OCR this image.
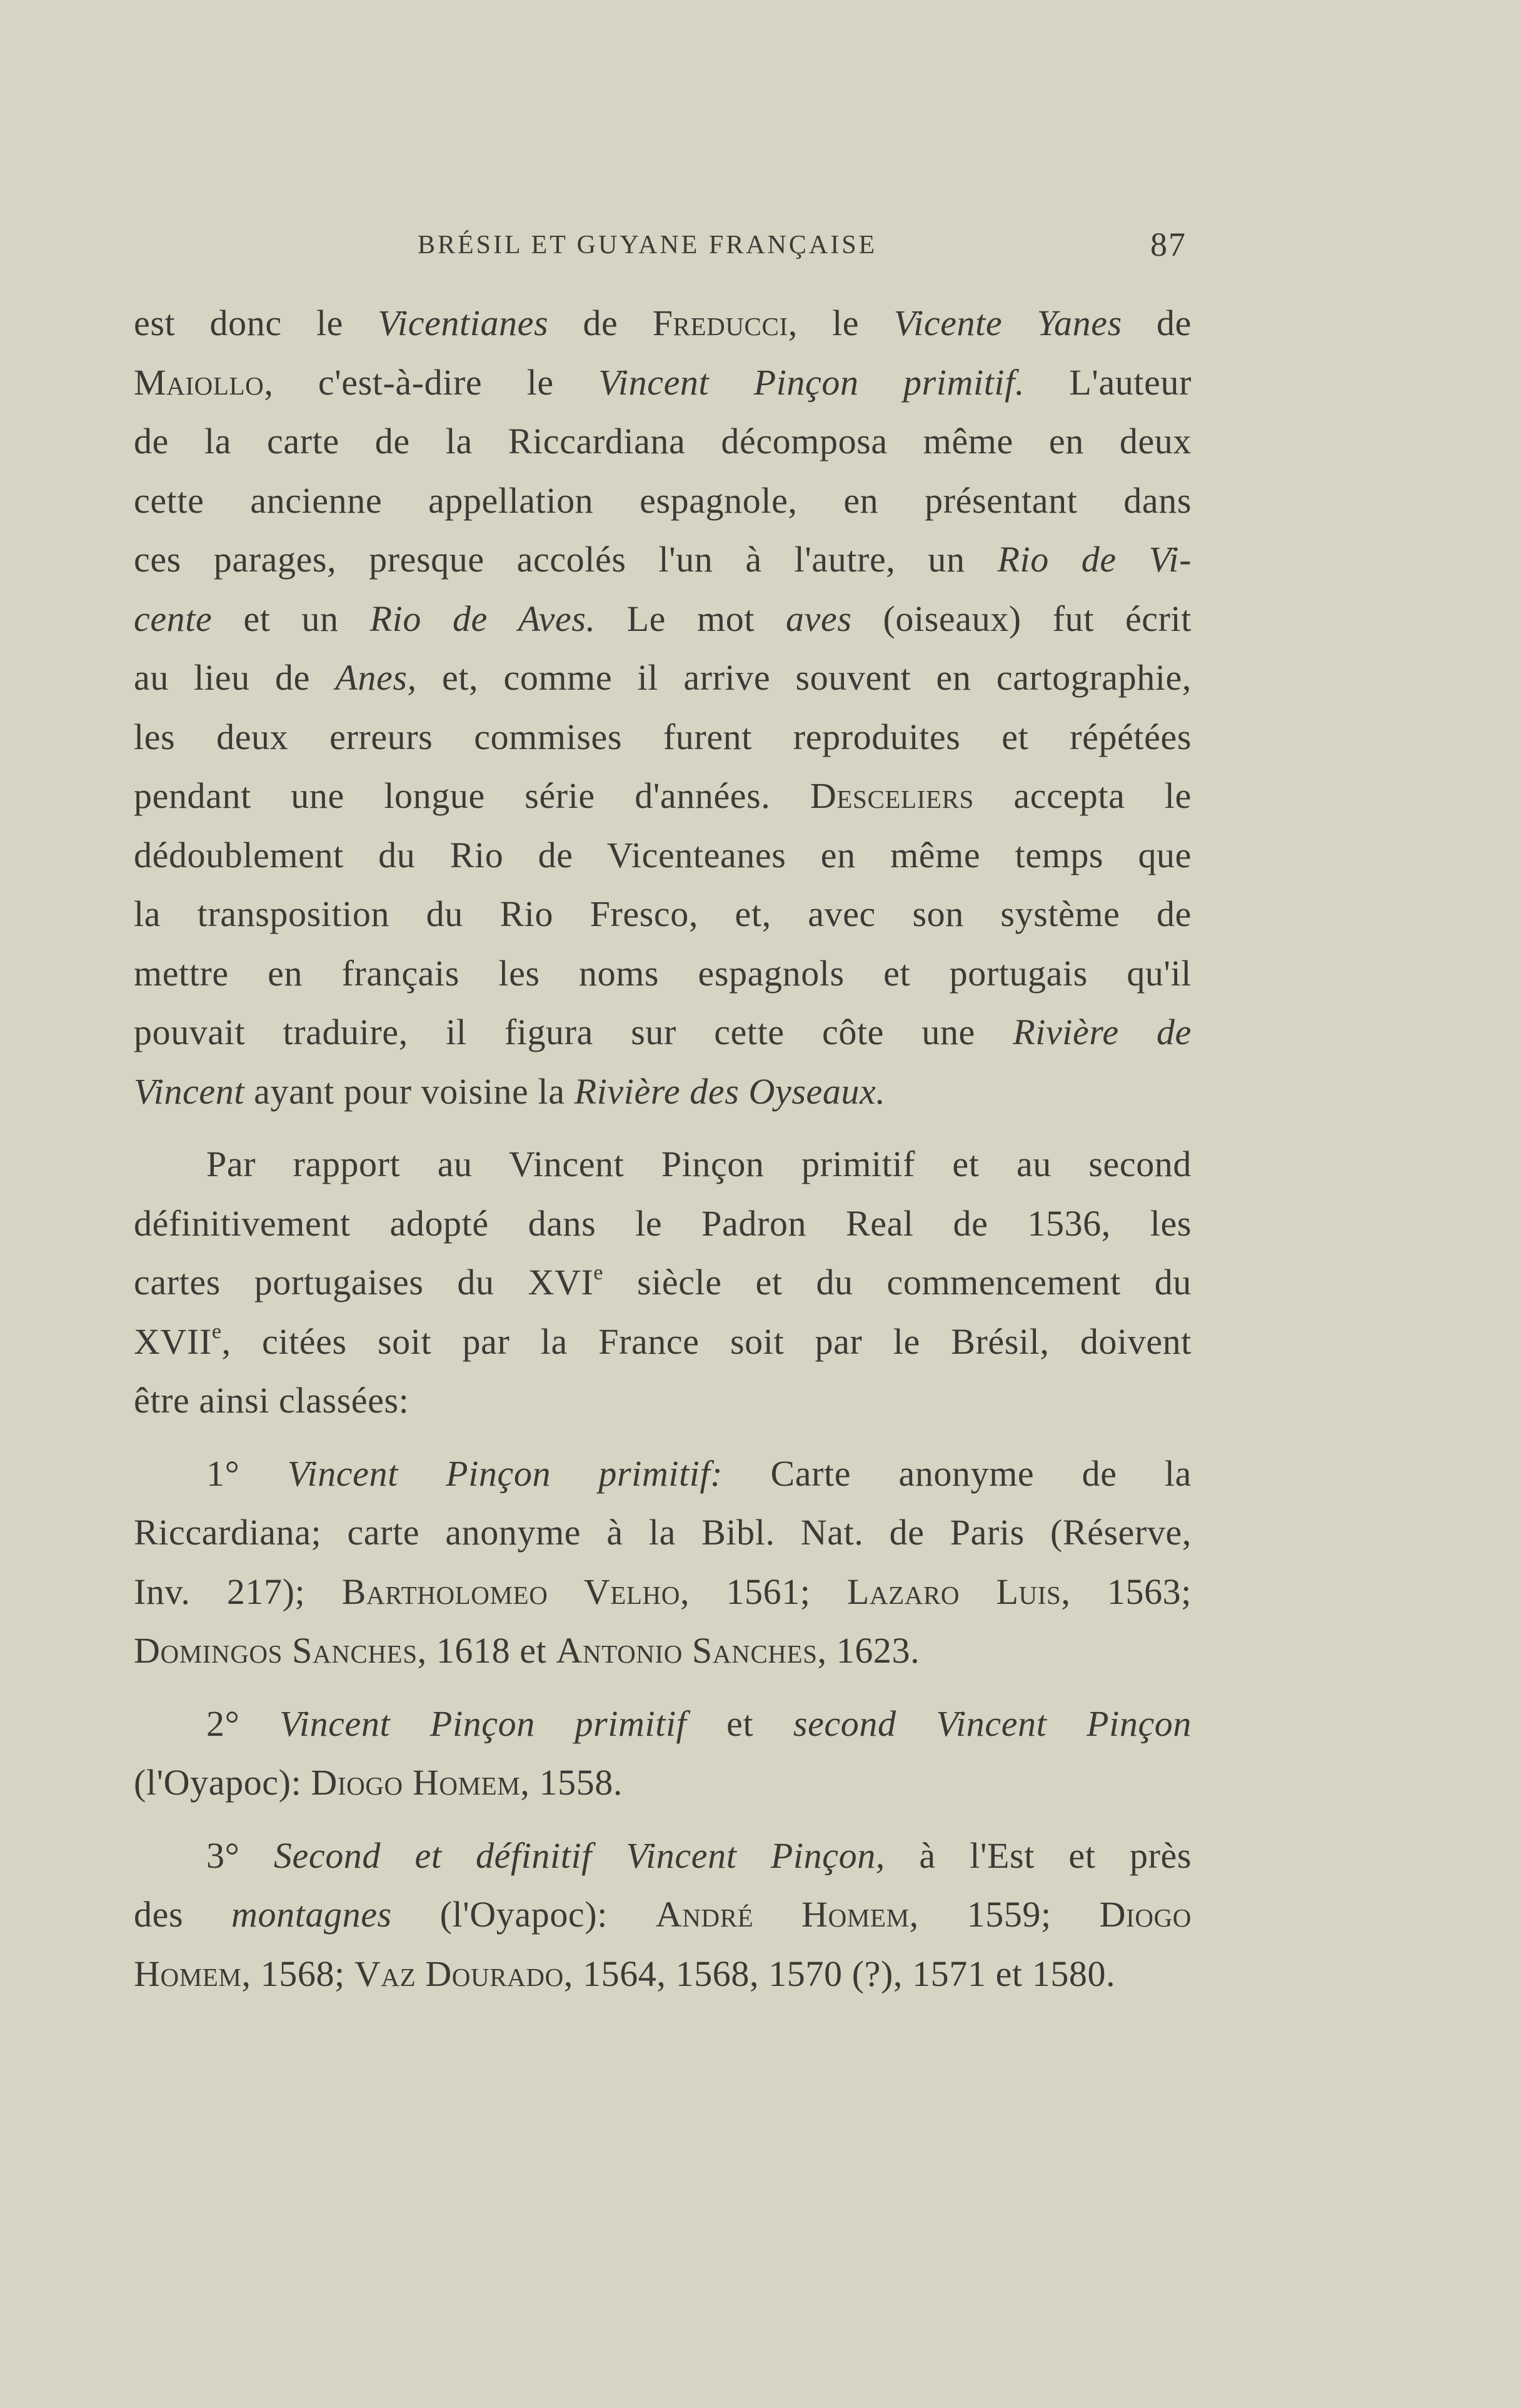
BRÉSIL ET GUYANE FRANÇAISE	87
est donc le Vicentianes de Freducci, le Vicente Yanes de
Maiollo, c'est-à-dire le Vincent Pinçon primitif. L'auteur
de la carte de la Riccardiana décomposa même en deux
cette ancienne appellation espagnole, en présentant dans
ces parages, presque accolés l'un à l'autre, un Rio de Vi-
cente et un Rio de Aves. Le mot aves (oiseaux) fut écrit
au lieu de Anes, et, comme il arrive souvent en cartographie,
les deux erreurs commises furent reproduites et répétées
pendant une longue série d'années. Desceliers accepta le
dédoublement du Rio de Vicenteanes en même temps que
la transposition du Rio Fresco, et, avec son système de
mettre en français les noms espagnols et portugais qu'il
pouvait traduire, il figura sur cette côte une Rivière de
Vincent ayant pour voisine la Rivière des Oyseaux.
Par rapport au Vincent Pinçon primitif et au second
définitivement adopté dans le Padron Real de 1536, les
cartes portugaises du XVIe siècle et du commencement du
XVIIe, citées soit par la France soit par le Brésil, doivent
être ainsi classées:
1° Vincent Pinçon primitif: Carte anonyme de la
Riccardiana; carte anonyme à la Bibl. Nat. de Paris (Réserve,
Inv. 217); Bartholomeo Velho, 1561; Lazaro Luis, 1563;
Domingos Sanches, 1618 et Antonio Sanches, 1623.
2° Vincent Pinçon primitif et second Vincent Pinçon
(l'Oyapoc): Diogo Homem, 1558.
3° Second et définitif Vincent Pinçon, à l'Est et près
des montagnes (l'Oyapoc): André Homem, 1559; Diogo
Homem, 1568; Vaz Dourado, 1564, 1568, 1570 (?), 1571 et 1580.
